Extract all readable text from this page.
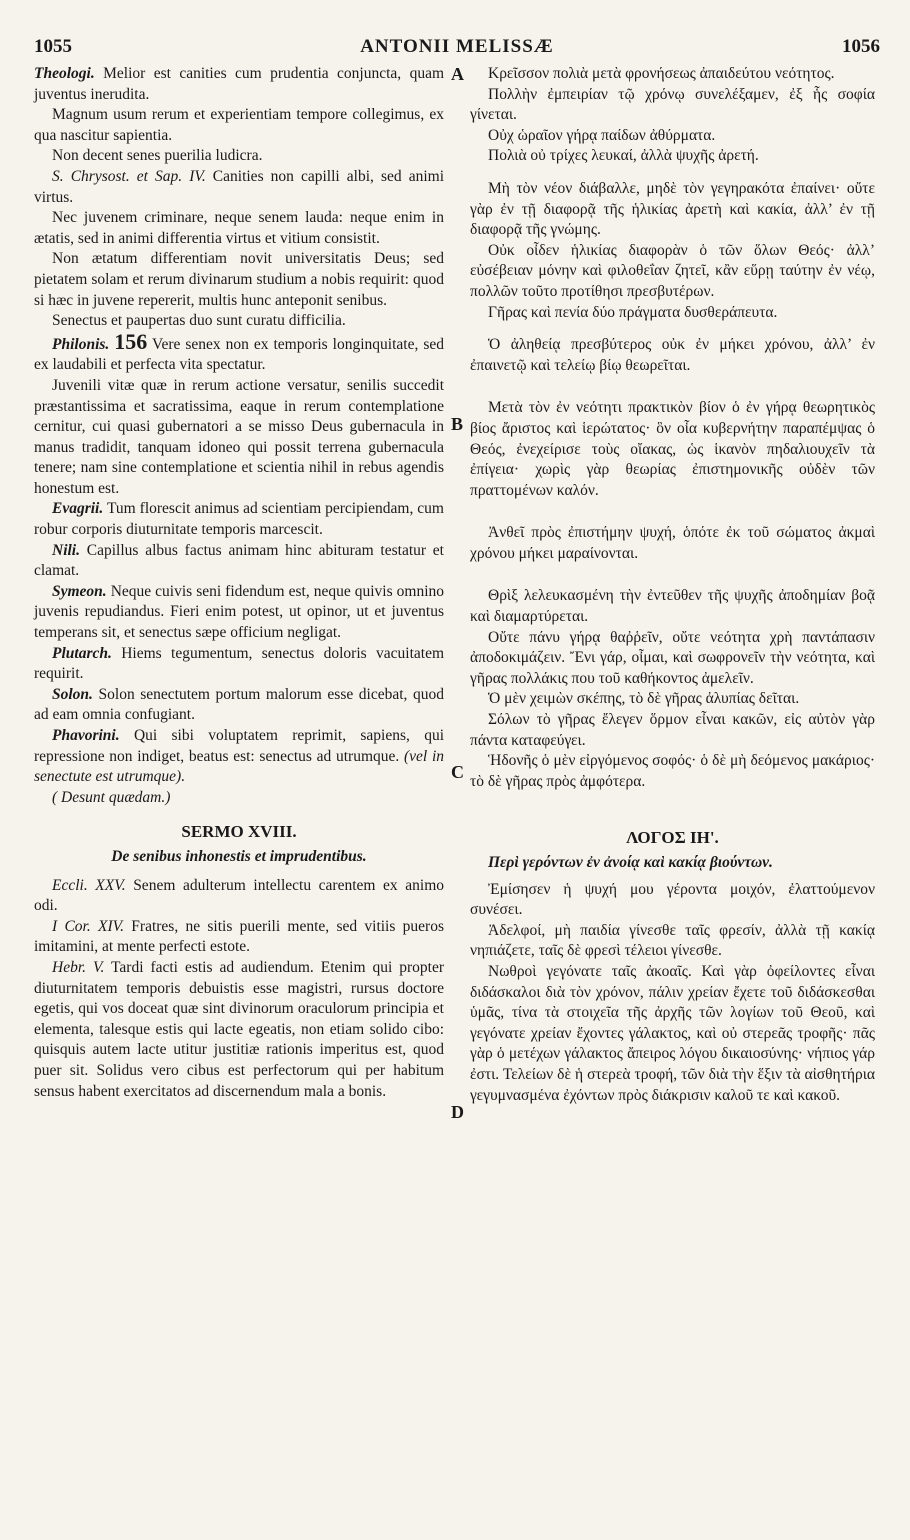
1055	ANTONII MELISSÆ	1056
A
B
C
D

Theologi. Melior est canities cum prudentia conjuncta, quam juventus inerudita.

Magnum usum rerum et experientiam tempore collegimus, ex qua nascitur sapientia.

Non decent senes puerilia ludicra.

S. Chrysost. et Sap. IV. Canities non capilli albi, sed animi virtus.

Nec juvenem criminare, neque senem lauda: neque enim in ætatis, sed in animi differentia virtus et vitium consistit.

Non ætatum differentiam novit universitatis Deus; sed pietatem solam et rerum divinarum studium a nobis requirit: quod si hæc in juvene repererit, multis hunc anteponit senibus.

Senectus et paupertas duo sunt curatu difficilia.

Philonis. 156 Vere senex non ex temporis longinquitate, sed ex laudabili et perfecta vita spectatur.

Juvenili vitæ quæ in rerum actione versatur, senilis succedit præstantissima et sacratissima, eaque in rerum contemplatione cernitur, cui quasi gubernatori a se misso Deus gubernacula in manus tradidit, tanquam idoneo qui possit terrena gubernacula tenere; nam sine contemplatione et scientia nihil in rebus agendis honestum est.

Evagrii. Tum florescit animus ad scientiam percipiendam, cum robur corporis diuturnitate temporis marcescit.

Nili. Capillus albus factus animam hinc abituram testatur et clamat.

Symeon. Neque cuivis seni fidendum est, neque quivis omnino juvenis repudiandus. Fieri enim potest, ut opinor, ut et juventus temperans sit, et senectus sæpe officium negligat.

Plutarch. Hiems tegumentum, senectus doloris vacuitatem requirit.

Solon. Solon senectutem portum malorum esse dicebat, quod ad eam omnia confugiant.

Phavorini. Qui sibi voluptatem reprimit, sapiens, qui repressione non indiget, beatus est: senectus ad utrumque. (vel in senectute est utrumque).

( Desunt quædam.)

SERMO XVIII.
De senibus inhonestis et imprudentibus.

Eccli. XXV. Senem adulterum intellectu carentem ex animo odi.

I Cor. XIV. Fratres, ne sitis puerili mente, sed vitiis pueros imitamini, at mente perfecti estote.

Hebr. V. Tardi facti estis ad audiendum. Etenim qui propter diuturnitatem temporis debuistis esse magistri, rursus doctore egetis, qui vos doceat quæ sint divinorum oraculorum principia et elementa, talesque estis qui lacte egeatis, non etiam solido cibo: quisquis autem lacte utitur justitiæ rationis imperitus est, quod puer sit. Solidus vero cibus est perfectorum qui per habitum sensus habent exercitatos ad discernendum mala a bonis.

Κρεῖσσον πολιὰ μετὰ φρονήσεως ἀπαιδεύτου νεότητος.

Πολλὴν ἐμπειρίαν τῷ χρόνῳ συνελέξαμεν, ἐξ ἧς σοφία γίνεται.

Οὐχ ὡραῖον γήρᾳ παίδων ἀθύρματα.

Πολιὰ οὐ τρίχες λευκαί, ἀλλὰ ψυχῆς ἀρετή.

Μὴ τὸν νέον διάβαλλε, μηδὲ τὸν γεγηρακότα ἐπαίνει· οὔτε γὰρ ἐν τῇ διαφορᾷ τῆς ἡλικίας ἀρετὴ καὶ κακία, ἀλλ’ ἐν τῇ διαφορᾷ τῆς γνώμης.

Οὐκ οἶδεν ἡλικίας διαφορὰν ὁ τῶν ὅλων Θεός· ἀλλ’ εὐσέβειαν μόνην καὶ φιλοθεΐαν ζητεῖ, κἂν εὕρῃ ταύτην ἐν νέῳ, πολλῶν τοῦτο προτίθησι πρεσβυτέρων.

Γῆρας καὶ πενία δύο πράγματα δυσθεράπευτα.

Ὁ ἀληθείᾳ πρεσβύτερος οὐκ ἐν μήκει χρόνου, ἀλλ’ ἐν ἐπαινετῷ καὶ τελείῳ βίῳ θεωρεῖται.

Μετὰ τὸν ἐν νεότητι πρακτικὸν βίον ὁ ἐν γήρᾳ θεωρητικὸς βίος ἄριστος καὶ ἱερώτατος· ὃν οἷα κυβερνήτην παραπέμψας ὁ Θεός, ἐνεχείρισε τοὺς οἴακας, ὡς ἱκανὸν πηδαλιουχεῖν τὰ ἐπίγεια· χωρὶς γὰρ θεωρίας ἐπιστημονικῆς οὐδὲν τῶν πραττομένων καλόν.

Ἀνθεῖ πρὸς ἐπιστήμην ψυχή, ὁπότε ἐκ τοῦ σώματος ἀκμαὶ χρόνου μήκει μαραίνονται.

Θρὶξ λελευκασμένη τὴν ἐντεῦθεν τῆς ψυχῆς ἀποδημίαν βοᾷ καὶ διαμαρτύρεται.

Οὔτε πάνυ γήρᾳ θαῤῥεῖν, οὔτε νεότητα χρὴ παντάπασιν ἀποδοκιμάζειν. Ἔνι γάρ, οἶμαι, καὶ σωφρονεῖν τὴν νεότητα, καὶ γῆρας πολλάκις που τοῦ καθήκοντος ἀμελεῖν.

Ὁ μὲν χειμὼν σκέπης, τὸ δὲ γῆρας ἀλυπίας δεῖται.

Σόλων τὸ γῆρας ἔλεγεν ὅρμον εἶναι κακῶν, εἰς αὐτὸν γὰρ πάντα καταφεύγει.

Ἡδονῆς ὁ μὲν εἰργόμενος σοφός· ὁ δὲ μὴ δεόμενος μακάριος· τὸ δὲ γῆρας πρὸς ἀμφότερα.

ΛΟΓΟΣ ΙΗ'.
Περὶ γερόντων ἐν ἀνοίᾳ καὶ κακίᾳ βιούντων.

Ἐμίσησεν ἡ ψυχή μου γέροντα μοιχόν, ἐλαττούμενον συνέσει.

Ἀδελφοί, μὴ παιδία γίνεσθε ταῖς φρεσίν, ἀλλὰ τῇ κακίᾳ νηπιάζετε, ταῖς δὲ φρεσὶ τέλειοι γίνεσθε.

Νωθροὶ γεγόνατε ταῖς ἀκοαῖς. Καὶ γὰρ ὀφείλοντες εἶναι διδάσκαλοι διὰ τὸν χρόνον, πάλιν χρείαν ἔχετε τοῦ διδάσκεσθαι ὑμᾶς, τίνα τὰ στοιχεῖα τῆς ἀρχῆς τῶν λογίων τοῦ Θεοῦ, καὶ γεγόνατε χρείαν ἔχοντες γάλακτος, καὶ οὐ στερεᾶς τροφῆς· πᾶς γὰρ ὁ μετέχων γάλακτος ἄπειρος λόγου δικαιοσύνης· νήπιος γάρ ἐστι. Τελείων δὲ ἡ στερεὰ τροφή, τῶν διὰ τὴν ἕξιν τὰ αἰσθητήρια γεγυμνασμένα ἐχόντων πρὸς διάκρισιν καλοῦ τε καὶ κακοῦ.
